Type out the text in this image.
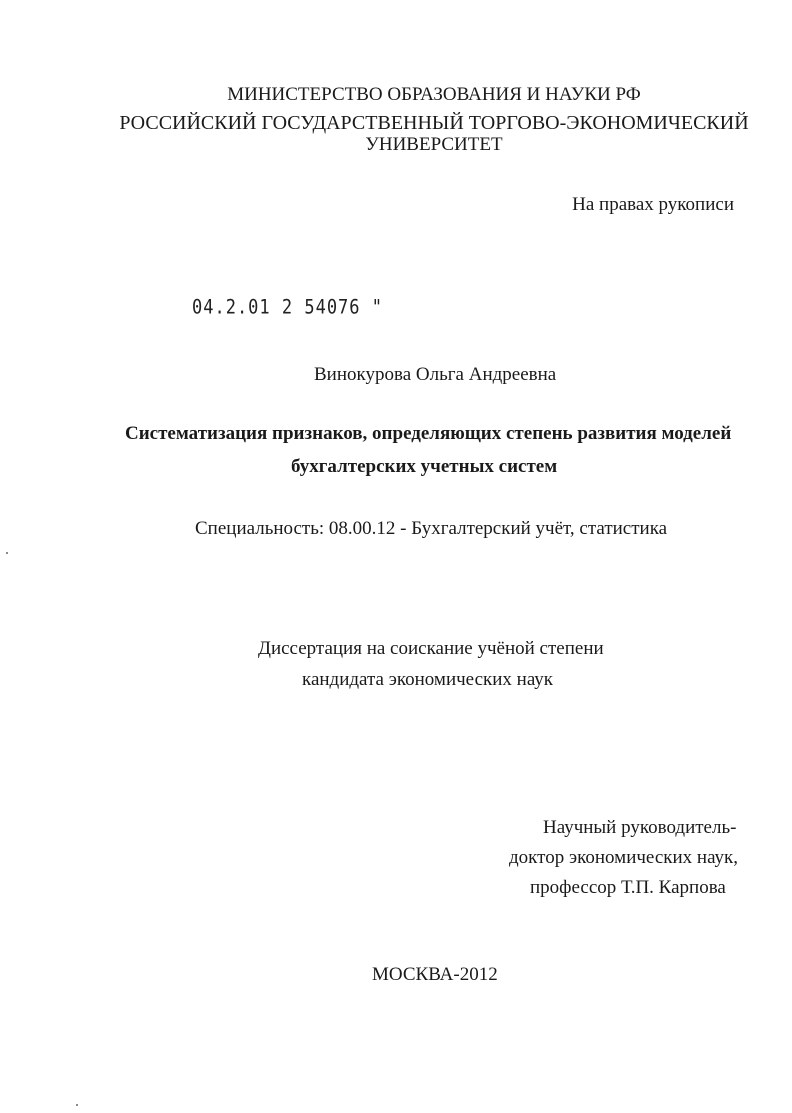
МИНИСТЕРСТВО ОБРАЗОВАНИЯ И НАУКИ РФ
РОССИЙСКИЙ ГОСУДАРСТВЕННЫЙ ТОРГОВО-ЭКОНОМИЧЕСКИЙ
УНИВЕРСИТЕТ
На правах рукописи
04.2.01 2 54076 "
Винокурова Ольга Андреевна
Систематизация признаков, определяющих степень развития моделей
бухгалтерских учетных систем
Специальность: 08.00.12 - Бухгалтерский учёт, статистика
Диссертация на соискание учёной степени
кандидата экономических наук
Научный руководитель-
доктор экономических наук,
профессор Т.П. Карпова
МОСКВА-2012
